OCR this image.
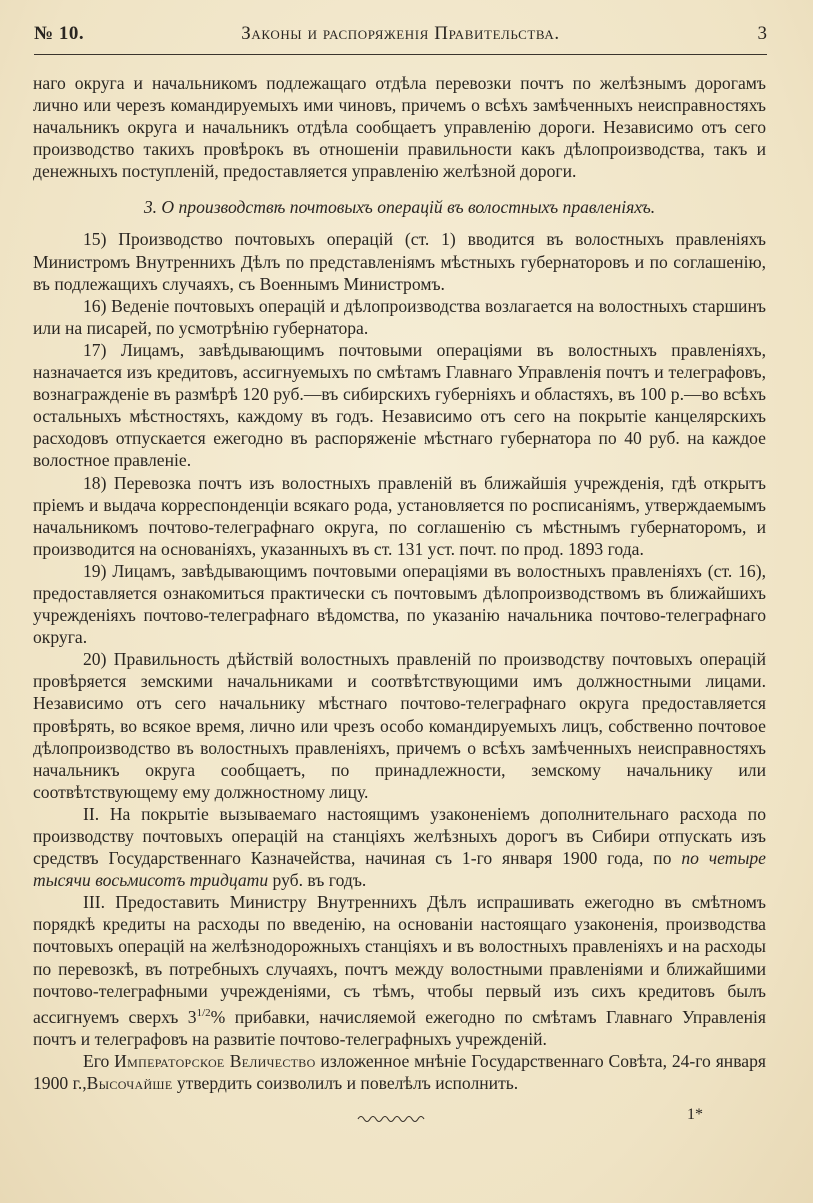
№ 10.	Законы и распоряженія Правительства.	3

наго округа и начальникомъ подлежащаго отдѣла перевозки почтъ по желѣзнымъ дорогамъ лично или черезъ командируемыхъ ими чиновъ, причемъ о всѣхъ замѣченныхъ неисправностяхъ начальникъ округа и начальникъ отдѣла сообщаетъ управленію дороги. Независимо отъ сего производство такихъ провѣрокъ въ отношеніи правильности какъ дѣлопроизводства, такъ и денежныхъ поступленій, предоставляется управленію желѣзной дороги.

3. О производствѣ почтовыхъ операцій въ волостныхъ правленіяхъ.

15) Производство почтовыхъ операцій (ст. 1) вводится въ волостныхъ правленіяхъ Министромъ Внутреннихъ Дѣлъ по представленіямъ мѣстныхъ губернаторовъ и по соглашенію, въ подлежащихъ случаяхъ, съ Военнымъ Министромъ.

16) Веденіе почтовыхъ операцій и дѣлопроизводства возлагается на волостныхъ старшинъ или на писарей, по усмотрѣнію губернатора.

17) Лицамъ, завѣдывающимъ почтовыми операціями въ волостныхъ правленіяхъ, назначается изъ кредитовъ, ассигнуемыхъ по смѣтамъ Главнаго Управленія почтъ и телеграфовъ, вознагражденіе въ размѣрѣ 120 руб.—въ сибирскихъ губерніяхъ и областяхъ, въ 100 р.—во всѣхъ остальныхъ мѣстностяхъ, каждому въ годъ. Независимо отъ сего на покрытіе канцелярскихъ расходовъ отпускается ежегодно въ распоряженіе мѣстнаго губернатора по 40 руб. на каждое волостное правленіе.

18) Перевозка почтъ изъ волостныхъ правленій въ ближайшія учрежденія, гдѣ открытъ пріемъ и выдача корреспонденціи всякаго рода, установляется по росписаніямъ, утверждаемымъ начальникомъ почтово-телеграфнаго округа, по соглашенію съ мѣстнымъ губернаторомъ, и производится на основаніяхъ, указанныхъ въ ст. 131 уст. почт. по прод. 1893 года.

19) Лицамъ, завѣдывающимъ почтовыми операціями въ волостныхъ правленіяхъ (ст. 16), предоставляется ознакомиться практически съ почтовымъ дѣлопроизводствомъ въ ближайшихъ учрежденіяхъ почтово-телеграфнаго вѣдомства, по указанію начальника почтово-телеграфнаго округа.

20) Правильность дѣйствій волостныхъ правленій по производству почтовыхъ операцій провѣряется земскими начальниками и соотвѣтствующими имъ должностными лицами. Независимо отъ сего начальнику мѣстнаго почтово-телеграфнаго округа предоставляется провѣрять, во всякое время, лично или чрезъ особо командируемыхъ лицъ, собственно почтовое дѣлопроизводство въ волостныхъ правленіяхъ, причемъ о всѣхъ замѣченныхъ неисправностяхъ начальникъ округа сообщаетъ, по принадлежности, земскому начальнику или соотвѣтствующему ему должностному лицу.

II. На покрытіе вызываемаго настоящимъ узаконеніемъ дополнительнаго расхода по производству почтовыхъ операцій на станціяхъ желѣзныхъ дорогъ въ Сибири отпускать изъ средствъ Государственнаго Казначейства, начиная съ 1-го января 1900 года, по по четыре тысячи восьмисотъ тридцати руб. въ годъ.

III. Предоставить Министру Внутреннихъ Дѣлъ испрашивать ежегодно въ смѣтномъ порядкѣ кредиты на расходы по введенію, на основаніи настоящаго узаконенія, производства почтовыхъ операцій на желѣзнодорожныхъ станціяхъ и въ волостныхъ правленіяхъ и на расходы по перевозкѣ, въ потребныхъ случаяхъ, почтъ между волостными правленіями и ближайшими почтово-телеграфными учрежденіями, съ тѣмъ, чтобы первый изъ сихъ кредитовъ былъ ассигнуемъ сверхъ $3^{1/2}\%$ прибавки, начисляемой ежегодно по смѣтамъ Главнаго Управленія почтъ и телеграфовъ на развитіе почтово-телеграфныхъ учрежденій.

Его Императорское Величество изложенное мнѣніе Государственнаго Совѣта, 24-го января 1900 г.,Высочайше утвердить соизволилъ и повелѣлъ исполнить.

1*
